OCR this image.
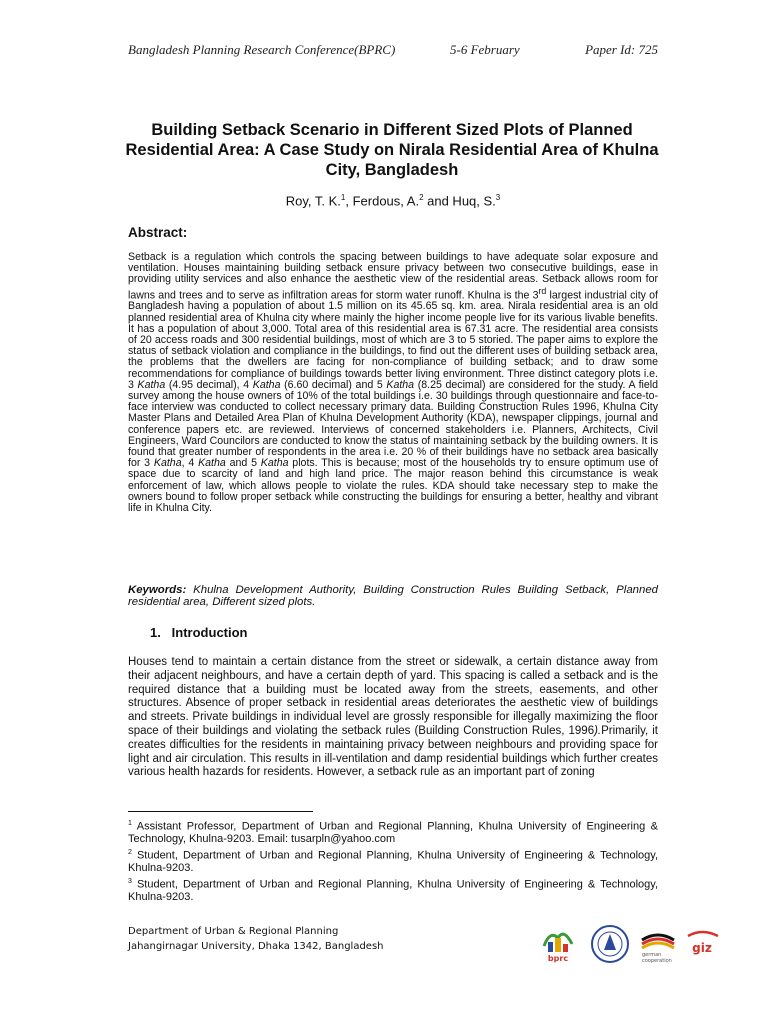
Bangladesh Planning Research Conference(BPRC)	5-6 February	Paper Id: 725
Building Setback Scenario in Different Sized Plots of Planned Residential Area: A Case Study on Nirala Residential Area of Khulna City, Bangladesh
Roy, T. K.$^1$, Ferdous, A.$^2$ and Huq, S.$^3$
Abstract:
Setback is a regulation which controls the spacing between buildings to have adequate solar exposure and ventilation. Houses maintaining building setback ensure privacy between two consecutive buildings, ease in providing utility services and also enhance the aesthetic view of the residential areas. Setback allows room for lawns and trees and to serve as infiltration areas for storm water runoff. Khulna is the 3rd largest industrial city of Bangladesh having a population of about 1.5 million on its 45.65 sq. km. area. Nirala residential area is an old planned residential area of Khulna city where mainly the higher income people live for its various livable benefits. It has a population of about 3,000. Total area of this residential area is 67.31 acre. The residential area consists of 20 access roads and 300 residential buildings, most of which are 3 to 5 storied. The paper aims to explore the status of setback violation and compliance in the buildings, to find out the different uses of building setback area, the problems that the dwellers are facing for non-compliance of building setback; and to draw some recommendations for compliance of buildings towards better living environment. Three distinct category plots i.e. 3 Katha (4.95 decimal), 4 Katha (6.60 decimal) and 5 Katha (8.25 decimal) are considered for the study. A field survey among the house owners of 10% of the total buildings i.e. 30 buildings through questionnaire and face-to-face interview was conducted to collect necessary primary data. Building Construction Rules 1996, Khulna City Master Plans and Detailed Area Plan of Khulna Development Authority (KDA), newspaper clippings, journal and conference papers etc. are reviewed. Interviews of concerned stakeholders i.e. Planners, Architects, Civil Engineers, Ward Councilors are conducted to know the status of maintaining setback by the building owners. It is found that greater number of respondents in the area i.e. 20 % of their buildings have no setback area basically for 3 Katha, 4 Katha and 5 Katha plots. This is because; most of the households try to ensure optimum use of space due to scarcity of land and high land price. The major reason behind this circumstance is weak enforcement of law, which allows people to violate the rules. KDA should take necessary step to make the owners bound to follow proper setback while constructing the buildings for ensuring a better, healthy and vibrant life in Khulna City.
Keywords: Khulna Development Authority, Building Construction Rules Building Setback, Planned residential area, Different sized plots.
1.   Introduction
Houses tend to maintain a certain distance from the street or sidewalk, a certain distance away from their adjacent neighbours, and have a certain depth of yard. This spacing is called a setback and is the required distance that a building must be located away from the streets, easements, and other structures. Absence of proper setback in residential areas deteriorates the aesthetic view of buildings and streets. Private buildings in individual level are grossly responsible for illegally maximizing the floor space of their buildings and violating the setback rules (Building Construction Rules, 1996).Primarily, it creates difficulties for the residents in maintaining privacy between neighbours and providing space for light and air circulation. This results in ill-ventilation and damp residential buildings which further creates various health hazards for residents. However, a setback rule as an important part of zoning
$^1$ Assistant Professor, Department of Urban and Regional Planning, Khulna University of Engineering & Technology, Khulna-9203. Email: tusarpln@yahoo.com
$^2$ Student, Department of Urban and Regional Planning, Khulna University of Engineering & Technology, Khulna-9203.
$^3$ Student, Department of Urban and Regional Planning, Khulna University of Engineering & Technology, Khulna-9203.
Department of Urban & Regional Planning
Jahangirnagar University, Dhaka 1342, Bangladesh
bprc	german
cooperation
giz
